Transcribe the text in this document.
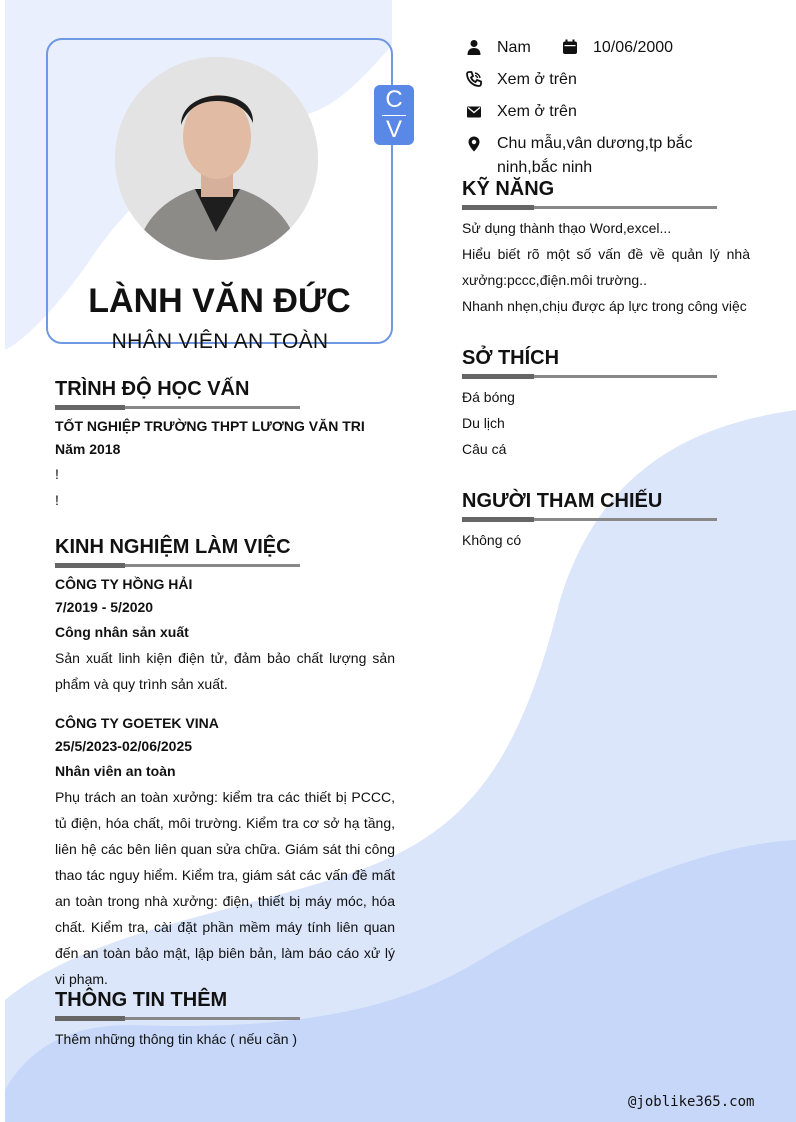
C
V
LÀNH VĂN ĐỨC
NHÂN VIÊN AN TOÀN
Nam	10/06/2000
Xem ở trên
Xem ở trên
Chu mẫu,vân dương,tp bắc
ninh,bắc ninh
KỸ NĂNG
Sử dụng thành thạo Word,excel...
Hiểu biết rõ một số vấn đề về quản lý nhà xưởng:pccc,điện.môi trường..
Nhanh nhẹn,chịu được áp lực trong công việc
SỞ THÍCH
Đá bóng
Du lịch
Câu cá
NGƯỜI THAM CHIẾU
Không có
TRÌNH ĐỘ HỌC VẤN
TỐT NGHIỆP TRƯỜNG THPT LƯƠNG VĂN TRI
Năm 2018
!
!
KINH NGHIỆM LÀM VIỆC
CÔNG TY HỒNG HẢI
7/2019 - 5/2020
Công nhân sản xuất
Sản xuất linh kiện điện tử, đảm bảo chất lượng sản phẩm và quy trình sản xuất.
CÔNG TY GOETEK VINA
25/5/2023-02/06/2025
Nhân viên an toàn
Phụ trách an toàn xưởng: kiểm tra các thiết bị PCCC, tủ điện, hóa chất, môi trường. Kiểm tra cơ sở hạ tầng, liên hệ các bên liên quan sửa chữa. Giám sát thi công thao tác nguy hiểm. Kiểm tra, giám sát các vấn đề mất an toàn trong nhà xưởng: điện, thiết bị máy móc, hóa chất. Kiểm tra, cài đặt phần mềm máy tính liên quan đến an toàn bảo mật, lập biên bản, làm báo cáo xử lý vi phạm.
THÔNG TIN THÊM
Thêm những thông tin khác ( nếu cần )
@joblike365.com
